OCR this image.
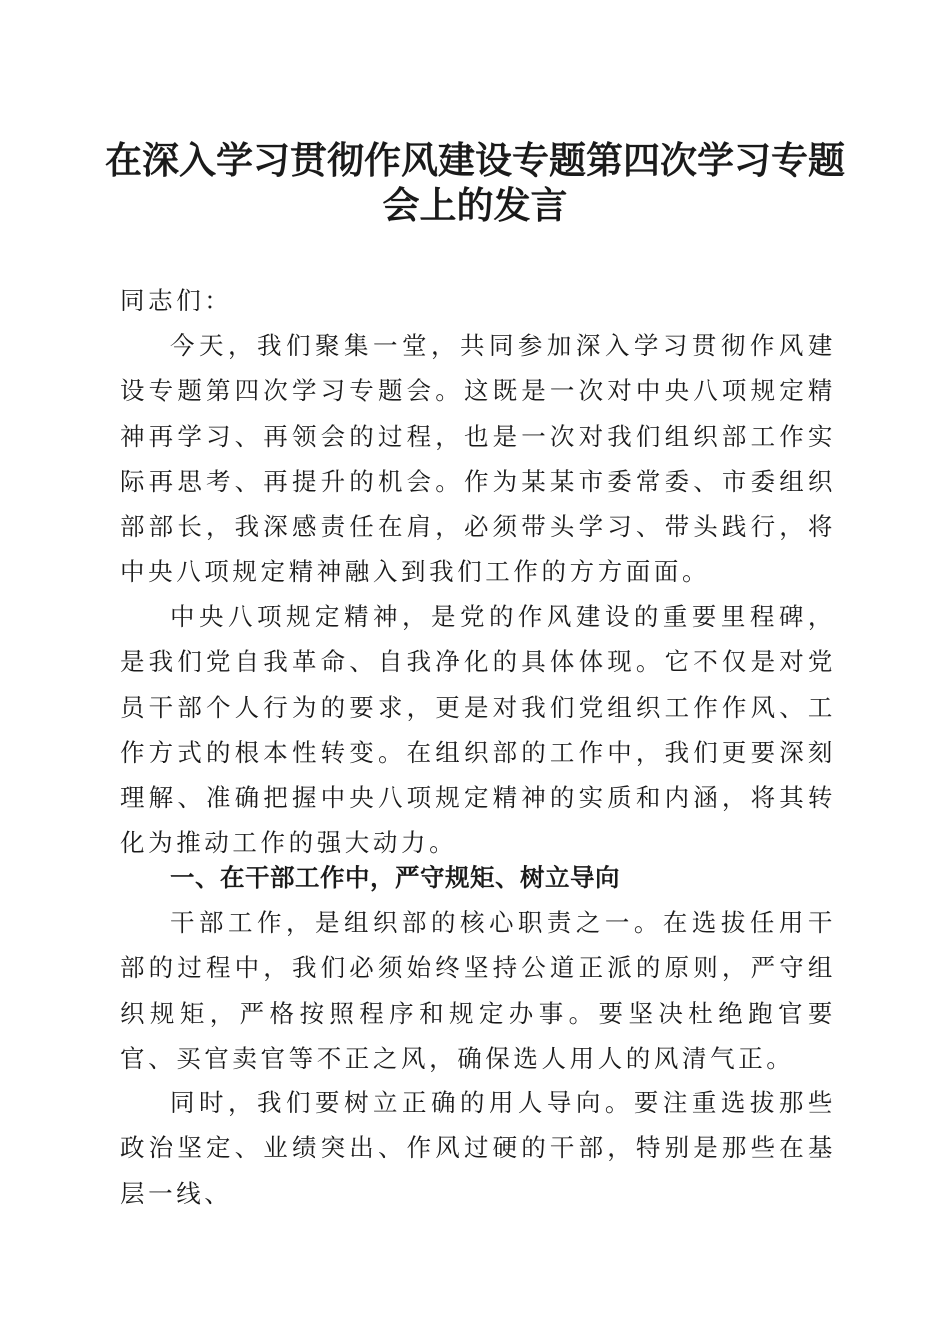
在深入学习贯彻作风建设专题第四次学习专题
会上的发言

同志们：

今天，我们聚集一堂，共同参加深入学习贯彻作风建设专题第四次学习专题会。这既是一次对中央八项规定精神再学习、再领会的过程，也是一次对我们组织部工作实际再思考、再提升的机会。作为某某市委常委、市委组织部部长，我深感责任在肩，必须带头学习、带头践行，将中央八项规定精神融入到我们工作的方方面面。

中央八项规定精神，是党的作风建设的重要里程碑，是我们党自我革命、自我净化的具体体现。它不仅是对党员干部个人行为的要求，更是对我们党组织工作作风、工作方式的根本性转变。在组织部的工作中，我们更要深刻理解、准确把握中央八项规定精神的实质和内涵，将其转化为推动工作的强大动力。

一、在干部工作中，严守规矩、树立导向

干部工作，是组织部的核心职责之一。在选拔任用干部的过程中，我们必须始终坚持公道正派的原则，严守组织规矩，严格按照程序和规定办事。要坚决杜绝跑官要官、买官卖官等不正之风，确保选人用人的风清气正。

同时，我们要树立正确的用人导向。要注重选拔那些政治坚定、业绩突出、作风过硬的干部，特别是那些在基层一线、
